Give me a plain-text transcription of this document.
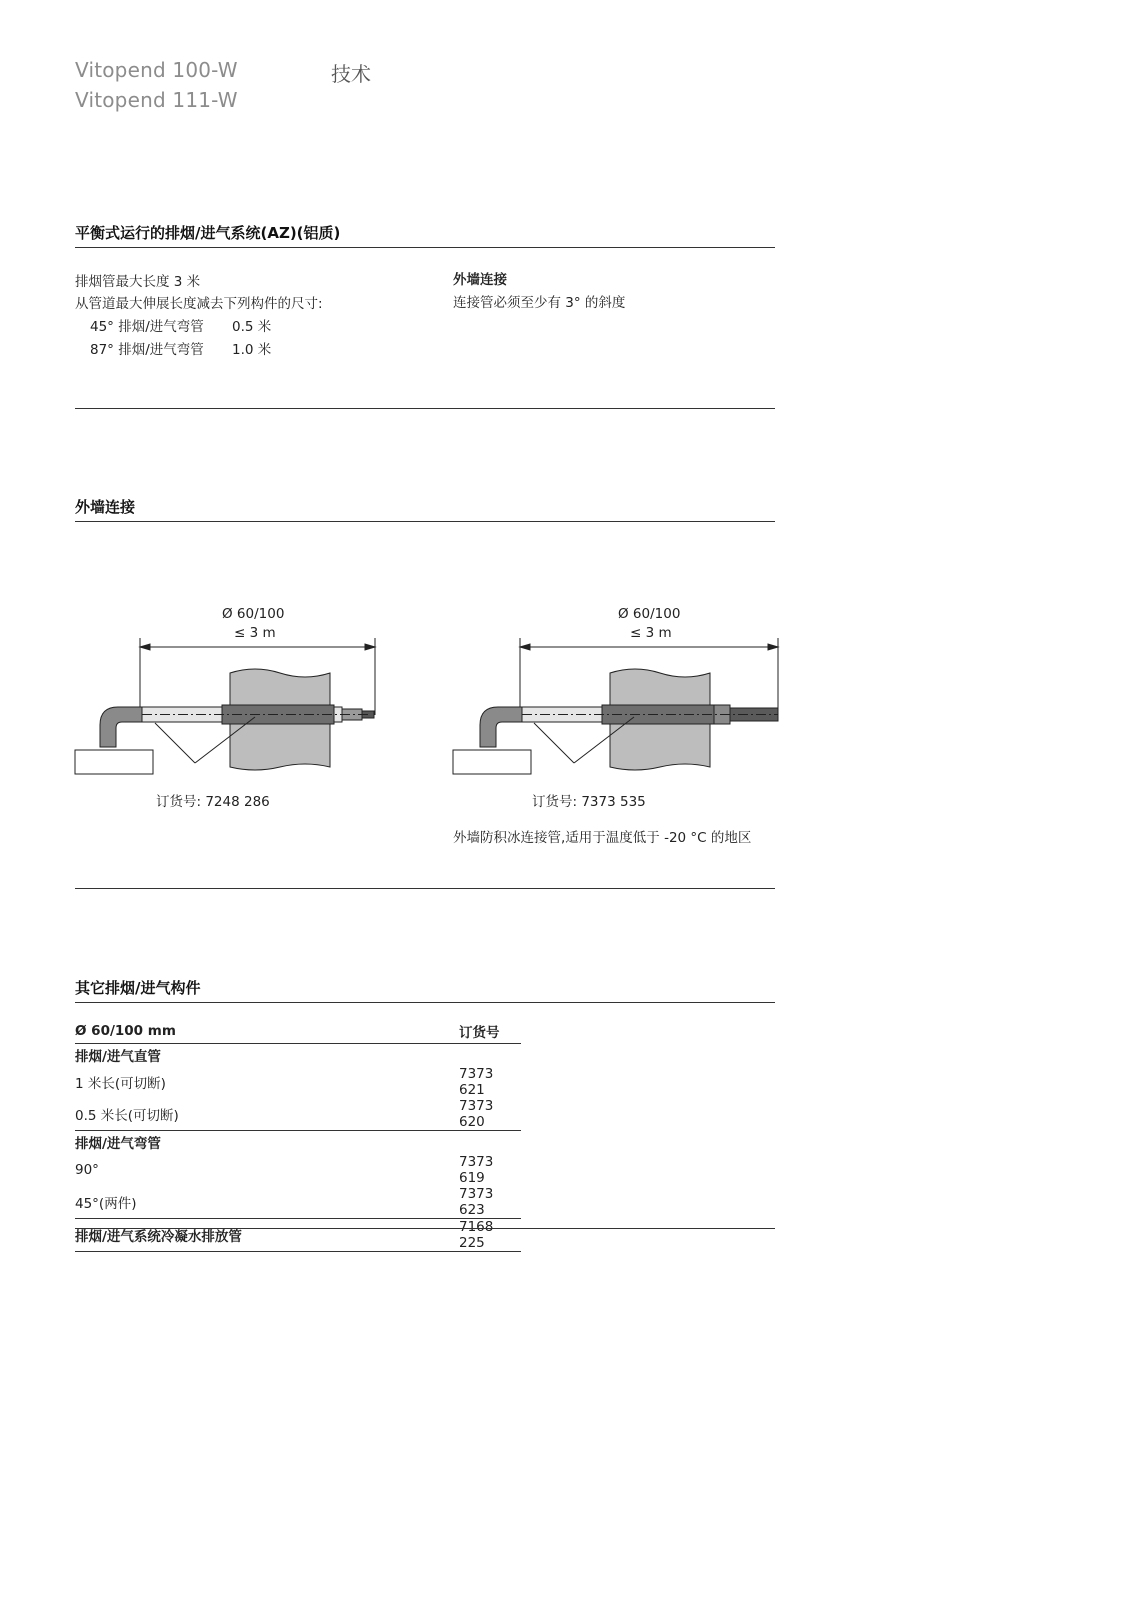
Vitopend 100-W
Vitopend 111-W
技术
平衡式运行的排烟/进气系统(AZ)(铝质)
排烟管最大长度 3 米
从管道最大伸展长度减去下列构件的尺寸:
45° 排烟/进气弯管 0.5 米
87° 排烟/进气弯管 1.0 米
外墙连接
连接管必须至少有 3° 的斜度
外墙连接
Ø 60/100
≤ 3 m
订货号: 7248 286
Ø 60/100
≤ 3 m
订货号: 7373 535
外墙防积冰连接管,适用于温度低于 -20 °C 的地区
其它排烟/进气构件
Ø 60/100 mm	订货号
排烟/进气直管	
1 米长(可切断)	7373 621
0.5 米长(可切断)	7373 620
排烟/进气弯管	
90°	7373 619
45°(两件)	7373 623
排烟/进气系统冷凝水排放管	7168 225
